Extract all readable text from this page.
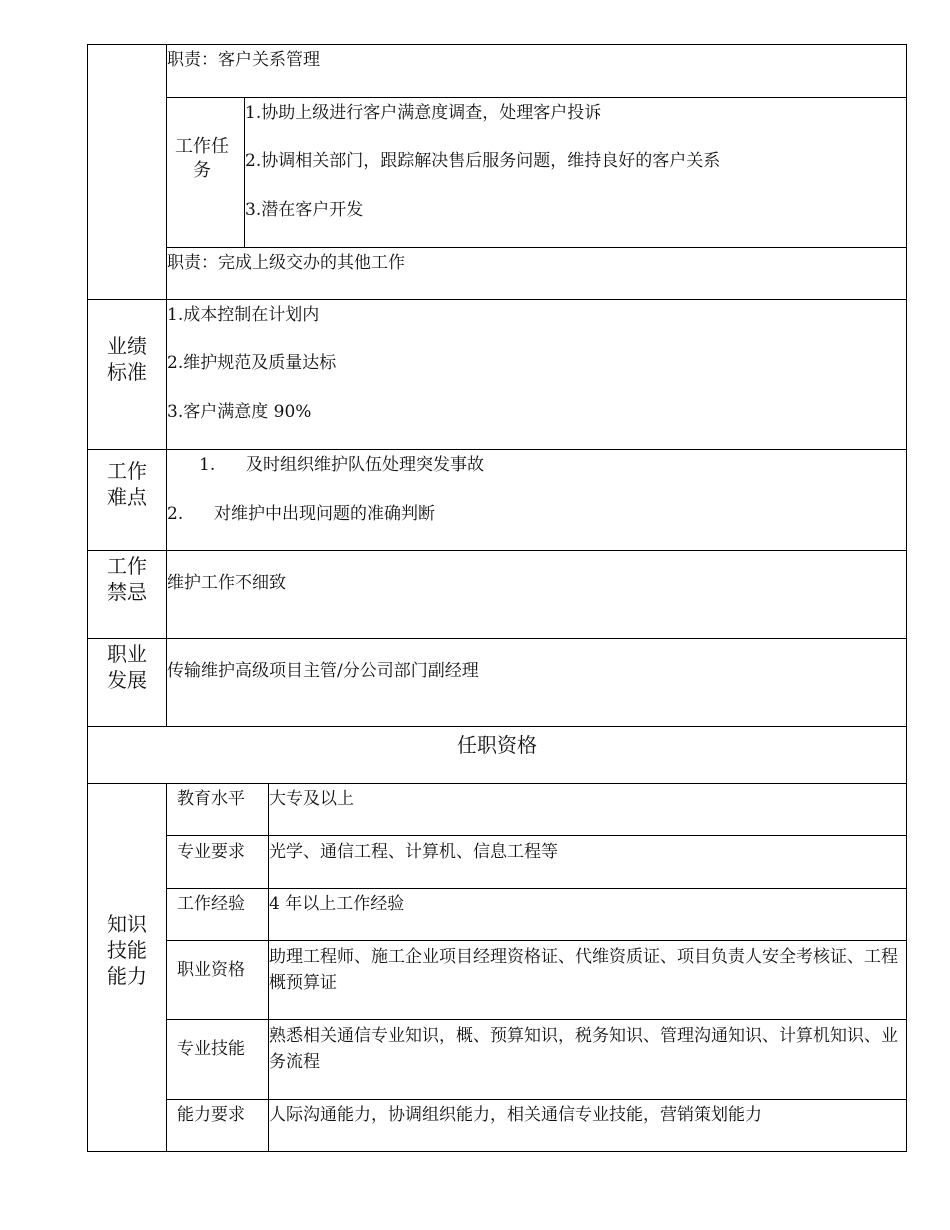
职责：客户关系管理
工作任务
1.协助上级进行客户满意度调查，处理客户投诉
2.协调相关部门，跟踪解决售后服务问题，维持良好的客户关系
3.潜在客户开发
职责：完成上级交办的其他工作
业绩标准
1.成本控制在计划内
2.维护规范及质量达标
3.客户满意度 90%
工作难点
1. 及时组织维护队伍处理突发事故
2. 对维护中出现问题的准确判断
工作禁忌 维护工作不细致
职业发展 传输维护高级项目主管/分公司部门副经理
任职资格
知识技能能力
教育水平 大专及以上
专业要求 光学、通信工程、计算机、信息工程等
工作经验 4 年以上工作经验
职业资格
助理工程师、施工企业项目经理资格证、代维资质证、项目负责人安全考核证、工程概预算证
专业技能
熟悉相关通信专业知识，概、预算知识，税务知识、管理沟通知识、计算机知识、业务流程
能力要求 人际沟通能力，协调组织能力，相关通信专业技能，营销策划能力
